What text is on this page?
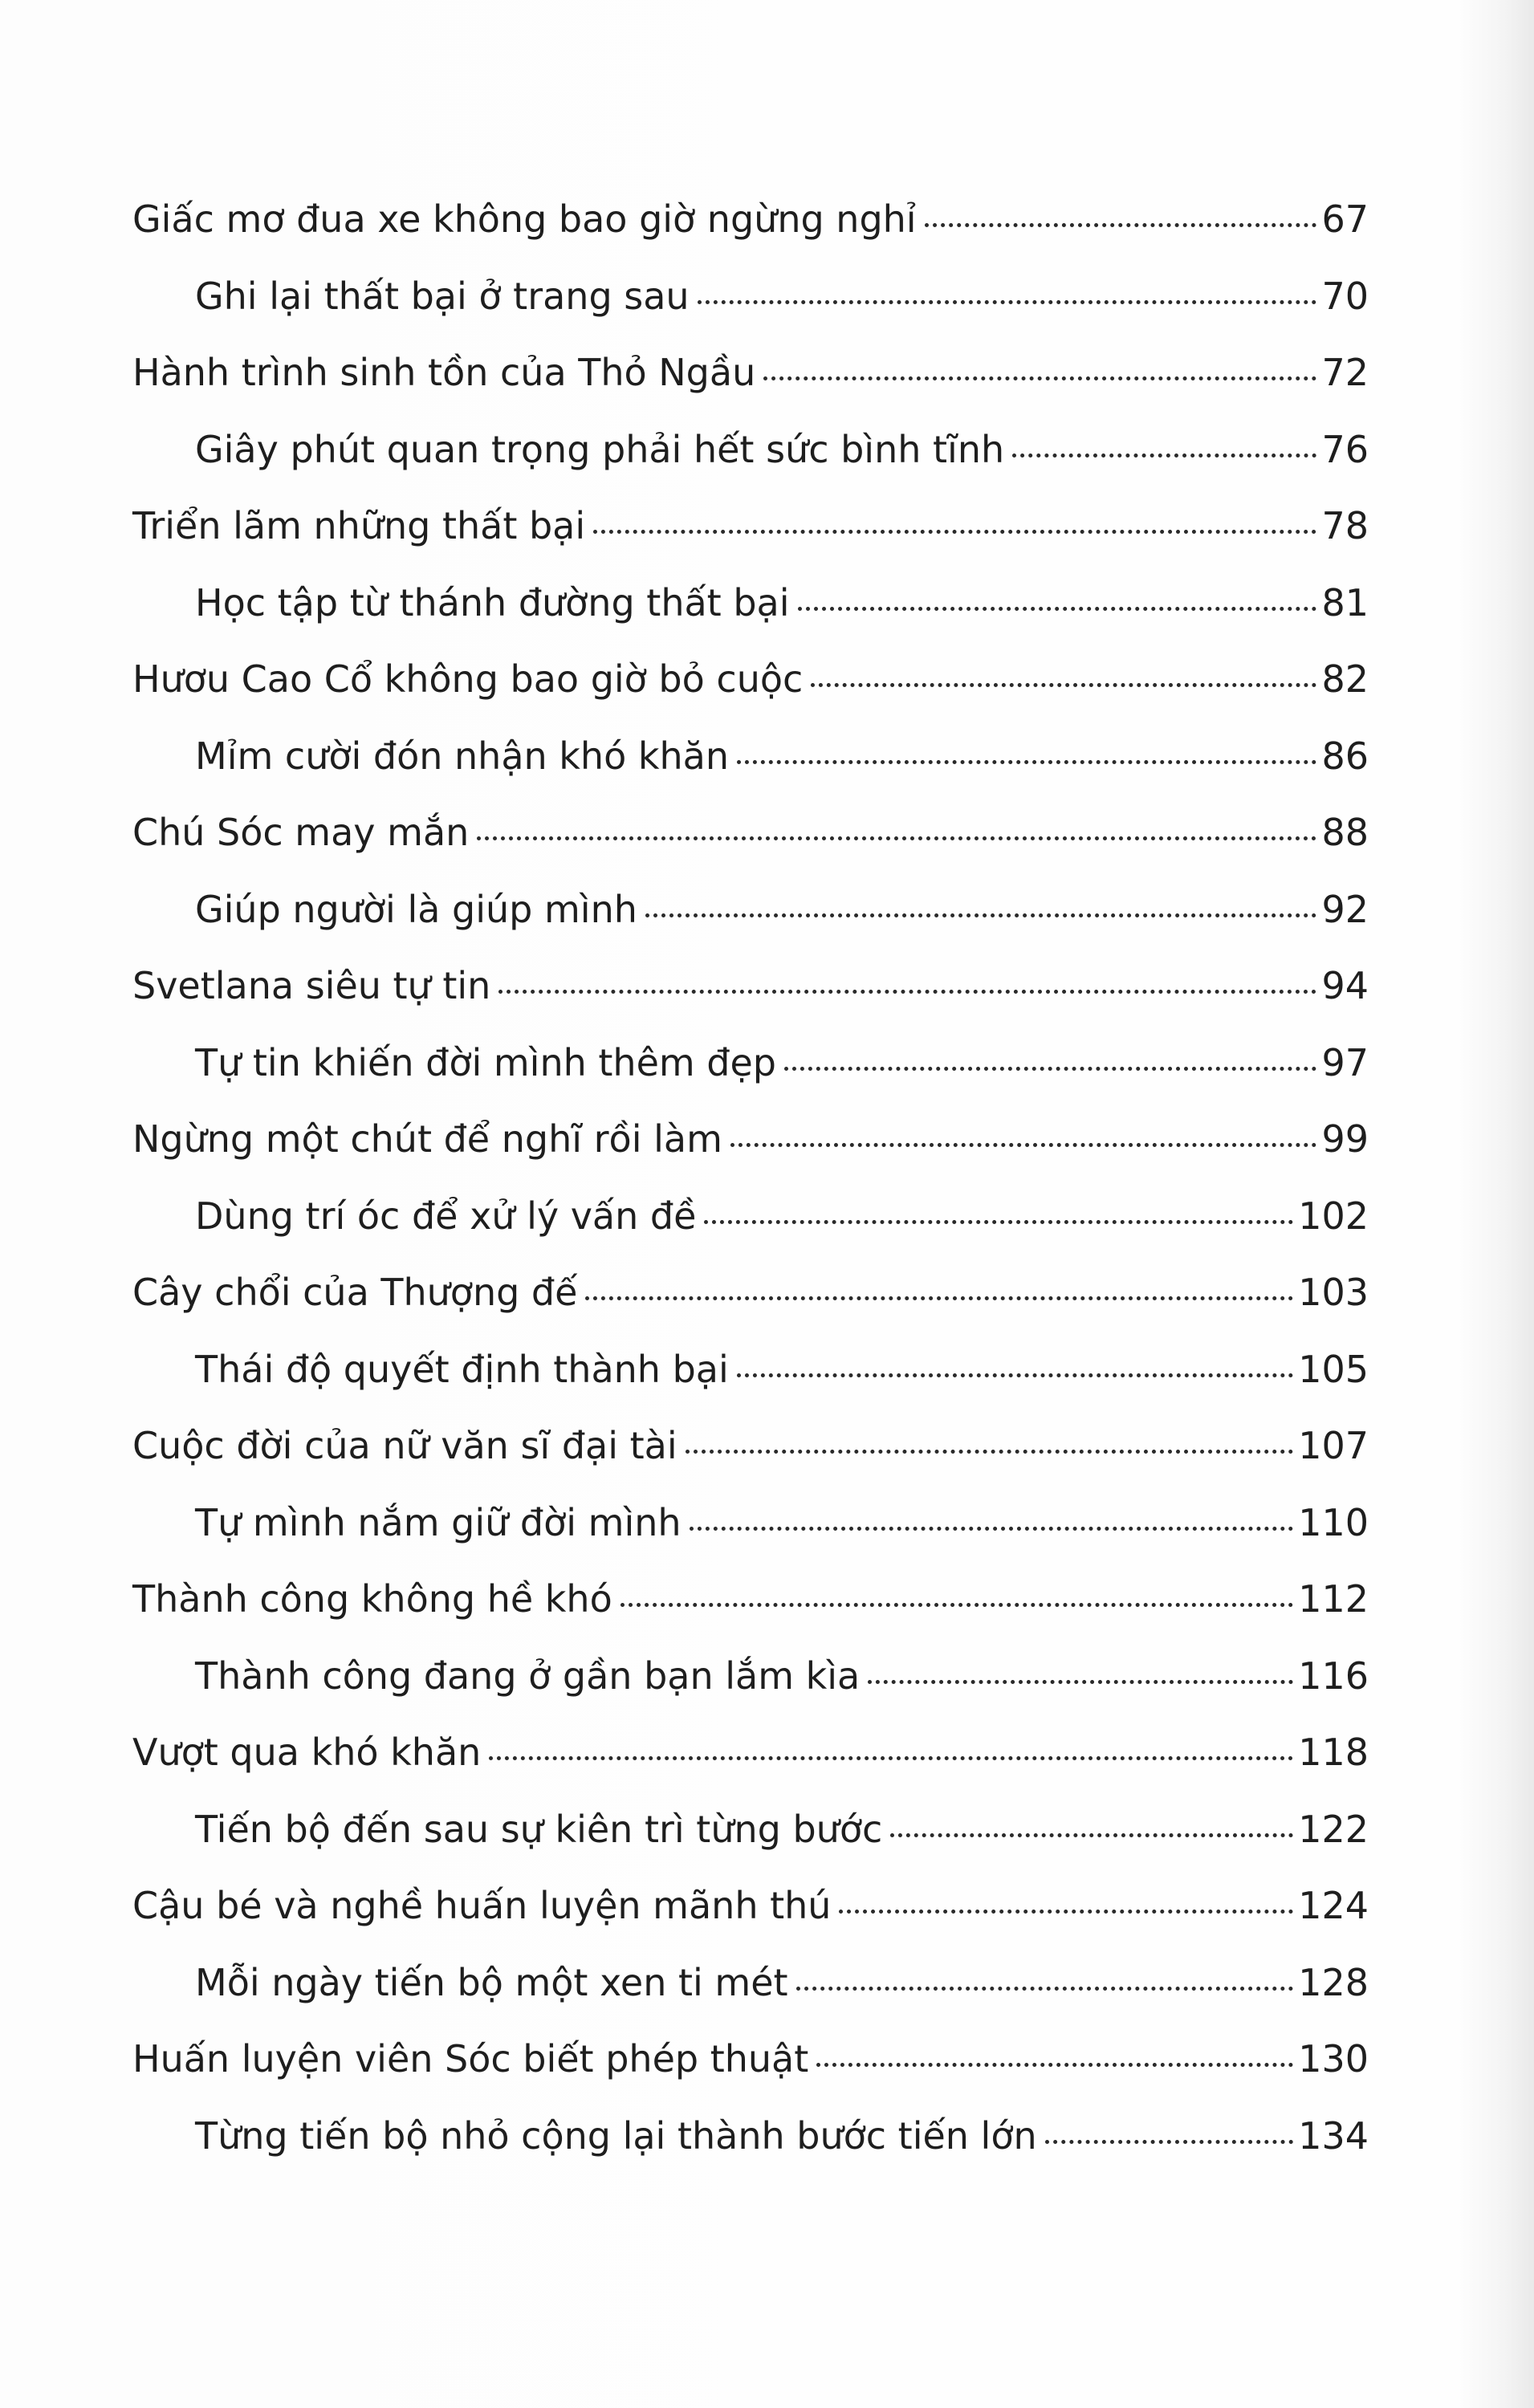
Giấc mơ đua xe không bao giờ ngừng nghỉ	67
Ghi lại thất bại ở trang sau	70
Hành trình sinh tồn của Thỏ Ngầu	72
Giây phút quan trọng phải hết sức bình tĩnh	76
Triển lãm những thất bại	78
Học tập từ thánh đường thất bại	81
Hươu Cao Cổ không bao giờ bỏ cuộc	82
Mỉm cười đón nhận khó khăn	86
Chú Sóc may mắn	88
Giúp người là giúp mình	92
Svetlana siêu tự tin	94
Tự tin khiến đời mình thêm đẹp	97
Ngừng một chút để nghĩ rồi làm	99
Dùng trí óc để xử lý vấn đề	102
Cây chổi của Thượng đế	103
Thái độ quyết định thành bại	105
Cuộc đời của nữ văn sĩ đại tài	107
Tự mình nắm giữ đời mình	110
Thành công không hề khó	112
Thành công đang ở gần bạn lắm kìa	116
Vượt qua khó khăn	118
Tiến bộ đến sau sự kiên trì từng bước	122
Cậu bé và nghề huấn luyện mãnh thú	124
Mỗi ngày tiến bộ một xen ti mét	128
Huấn luyện viên Sóc biết phép thuật	130
Từng tiến bộ nhỏ cộng lại thành bước tiến lớn	134
